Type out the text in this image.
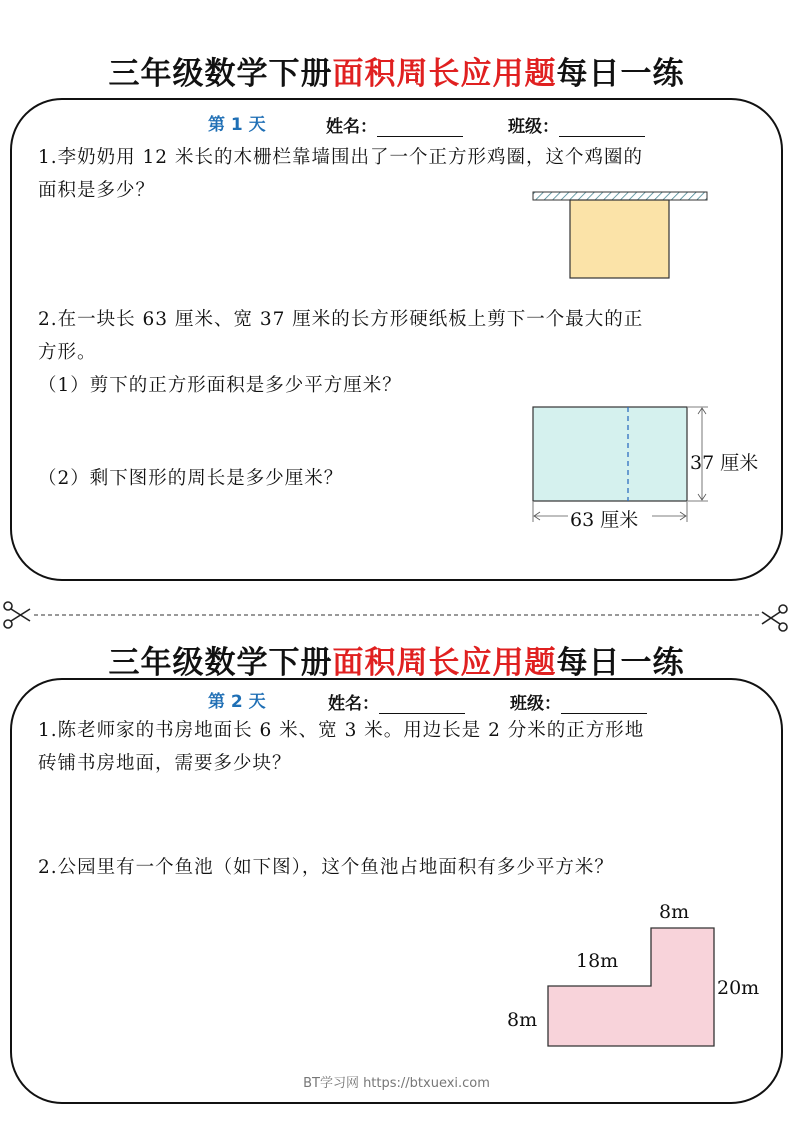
三年级数学下册面积周长应用题每日一练
第 1 天	姓名：	班级：
1.李奶奶用 12 米长的木栅栏靠墙围出了一个正方形鸡圈，这个鸡圈的
面积是多少？
2.在一块长 63 厘米、宽 37 厘米的长方形硬纸板上剪下一个最大的正
方形。
（1）剪下的正方形面积是多少平方厘米？
（2）剩下图形的周长是多少厘米？
37 厘米
63 厘米
三年级数学下册面积周长应用题每日一练
第 2 天	姓名：	班级：
1.陈老师家的书房地面长 6 米、宽 3 米。用边长是 2 分米的正方形地
砖铺书房地面，需要多少块？
2.公园里有一个鱼池（如下图），这个鱼池占地面积有多少平方米？
8m
18m
20m
8m
BT学习网 https://btxuexi.com
